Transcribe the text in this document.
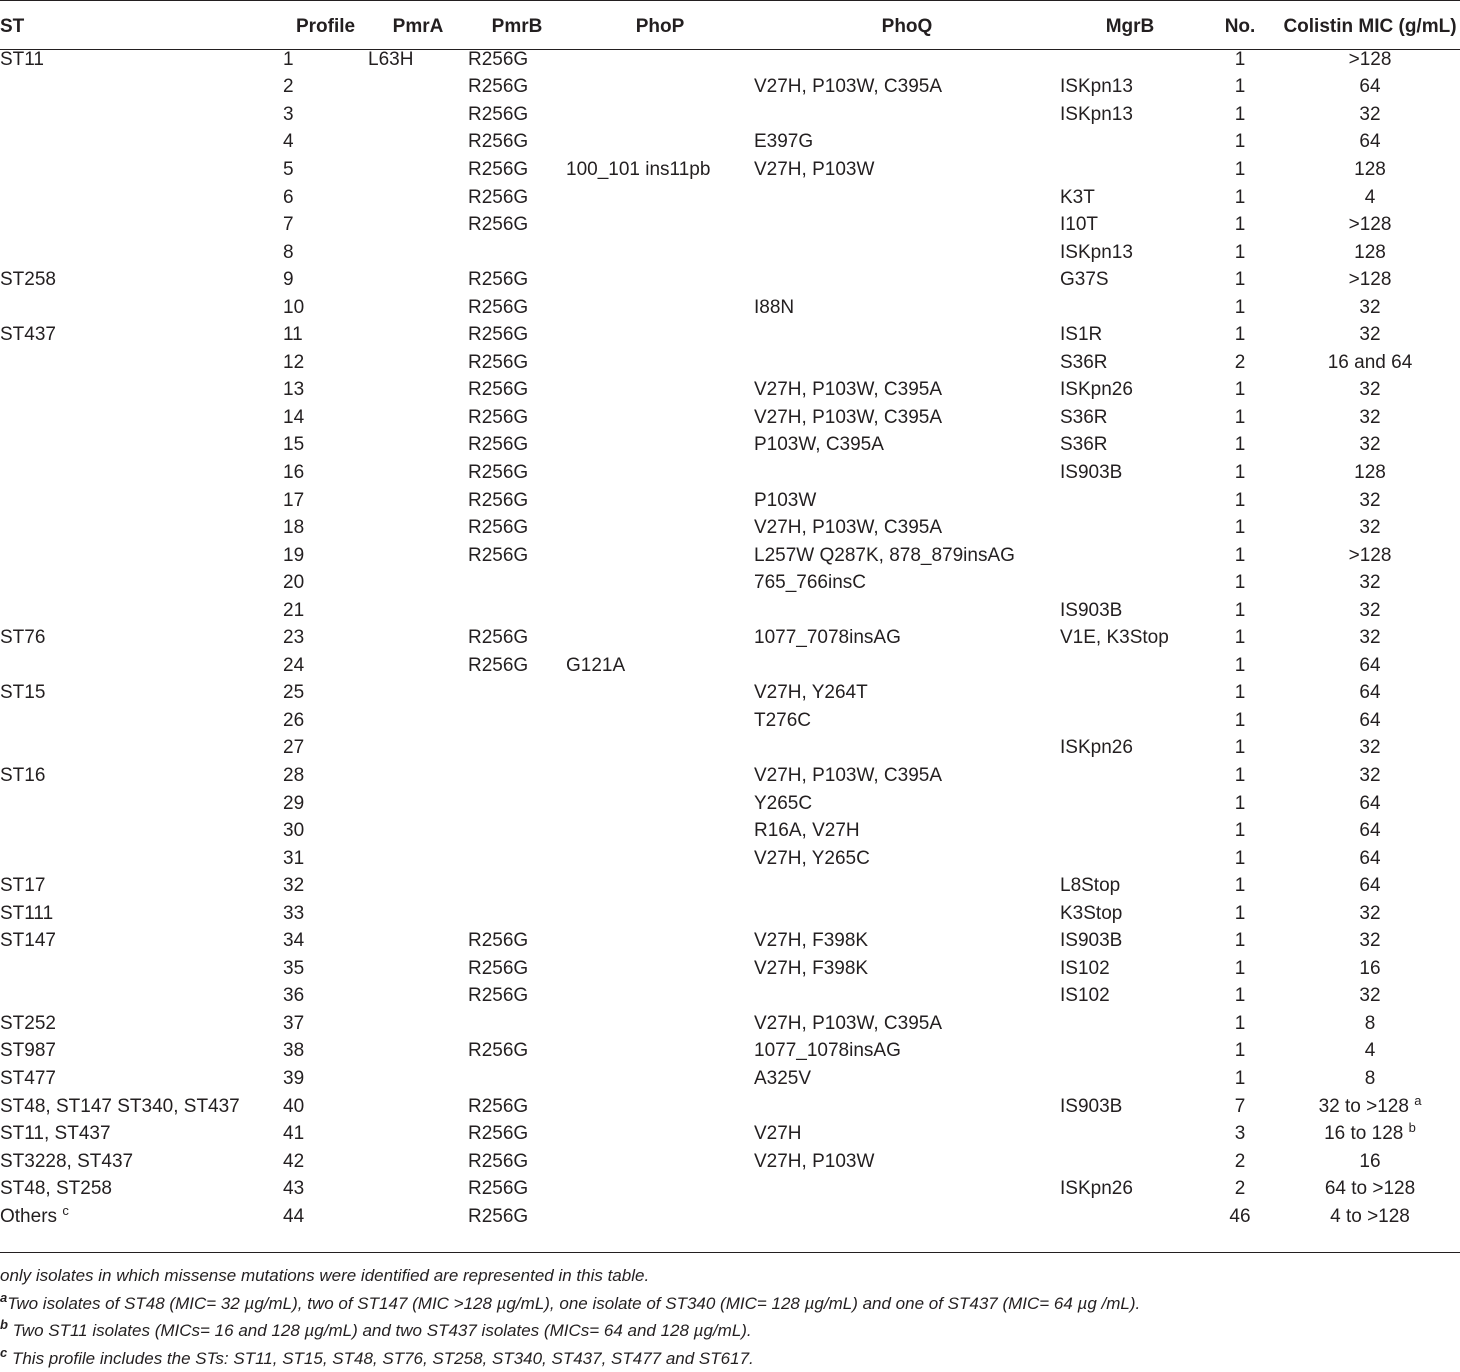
ST	Profile	PmrA	PmrB	PhoP	PhoQ	MgrB	No.	Colistin MIC (g/mL)
ST11	1	L63H	R256G				1	>128
	2		R256G		V27H, P103W, C395A	ISKpn13	1	64
	3		R256G			ISKpn13	1	32
	4		R256G		E397G		1	64
	5		R256G	100_101 ins11pb	V27H, P103W		1	128
	6		R256G			K3T	1	4
	7		R256G			I10T	1	>128
	8					ISKpn13	1	128
ST258	9		R256G			G37S	1	>128
	10		R256G		I88N		1	32
ST437	11		R256G			IS1R	1	32
	12		R256G			S36R	2	16 and 64
	13		R256G		V27H, P103W, C395A	ISKpn26	1	32
	14		R256G		V27H, P103W, C395A	S36R	1	32
	15		R256G		P103W, C395A	S36R	1	32
	16		R256G			IS903B	1	128
	17		R256G		P103W		1	32
	18		R256G		V27H, P103W, C395A		1	32
	19		R256G		L257W Q287K, 878_879insAG		1	>128
	20				765_766insC		1	32
	21					IS903B	1	32
ST76	23		R256G		1077_7078insAG	V1E, K3Stop	1	32
	24		R256G	G121A			1	64
ST15	25				V27H, Y264T		1	64
	26				T276C		1	64
	27					ISKpn26	1	32
ST16	28				V27H, P103W, C395A		1	32
	29				Y265C		1	64
	30				R16A, V27H		1	64
	31				V27H, Y265C		1	64
ST17	32					L8Stop	1	64
ST111	33					K3Stop	1	32
ST147	34		R256G		V27H, F398K	IS903B	1	32
	35		R256G		V27H, F398K	IS102	1	16
	36		R256G			IS102	1	32
ST252	37				V27H, P103W, C395A		1	8
ST987	38		R256G		1077_1078insAG		1	4
ST477	39				A325V		1	8
ST48, ST147 ST340, ST437	40		R256G			IS903B	7	32 to >128 $^a$
ST11, ST437	41		R256G		V27H		3	16 to 128 $^b$
ST3228, ST437	42		R256G		V27H, P103W		2	16
ST48, ST258	43		R256G			ISKpn26	2	64 to >128
Others $^c$	44		R256G				46	4 to >128
only isolates in which missense mutations were identified are represented in this table.
$^a$Two isolates of ST48 (MIC= 32 µg/mL), two of ST147 (MIC >128 µg/mL), one isolate of ST340 (MIC= 128 µg/mL) and one of ST437 (MIC= 64 µg /mL).
$^b$ Two ST11 isolates (MICs= 16 and 128 µg/mL) and two ST437 isolates (MICs= 64 and 128 µg/mL).
$^c$ This profile includes the STs: ST11, ST15, ST48, ST76, ST258, ST340, ST437, ST477 and ST617.
